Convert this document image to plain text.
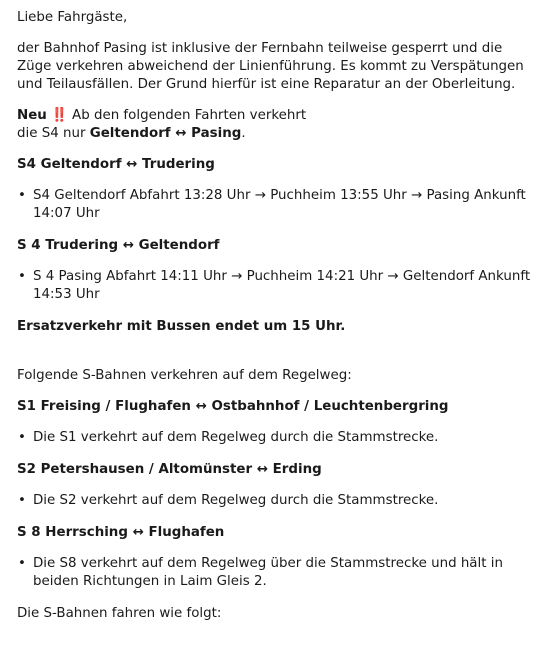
Liebe Fahrgäste,

der Bahnhof Pasing ist inklusive der Fernbahn teilweise gesperrt und die Züge verkehren abweichend der Linienführung. Es kommt zu Verspätungen und Teilausfällen. Der Grund hierfür ist eine Reparatur an der Oberleitung.

Neu ‼️ Ab den folgenden Fahrten verkehrt
die S4 nur Geltendorf ↔ Pasing.

S4 Geltendorf ↔ Trudering

• S4 Geltendorf Abfahrt 13:28 Uhr → Puchheim 13:55 Uhr → Pasing Ankunft 14:07 Uhr

S 4 Trudering ↔ Geltendorf

• S 4 Pasing Abfahrt 14:11 Uhr → Puchheim 14:21 Uhr → Geltendorf Ankunft 14:53 Uhr

Ersatzverkehr mit Bussen endet um 15 Uhr.

Folgende S-Bahnen verkehren auf dem Regelweg:

S1 Freising / Flughafen ↔ Ostbahnhof / Leuchtenbergring

• Die S1 verkehrt auf dem Regelweg durch die Stammstrecke.

S2 Petershausen / Altomünster ↔ Erding

• Die S2 verkehrt auf dem Regelweg durch die Stammstrecke.

S 8 Herrsching ↔ Flughafen

• Die S8 verkehrt auf dem Regelweg über die Stammstrecke und hält in beiden Richtungen in Laim Gleis 2.

Die S-Bahnen fahren wie folgt:
